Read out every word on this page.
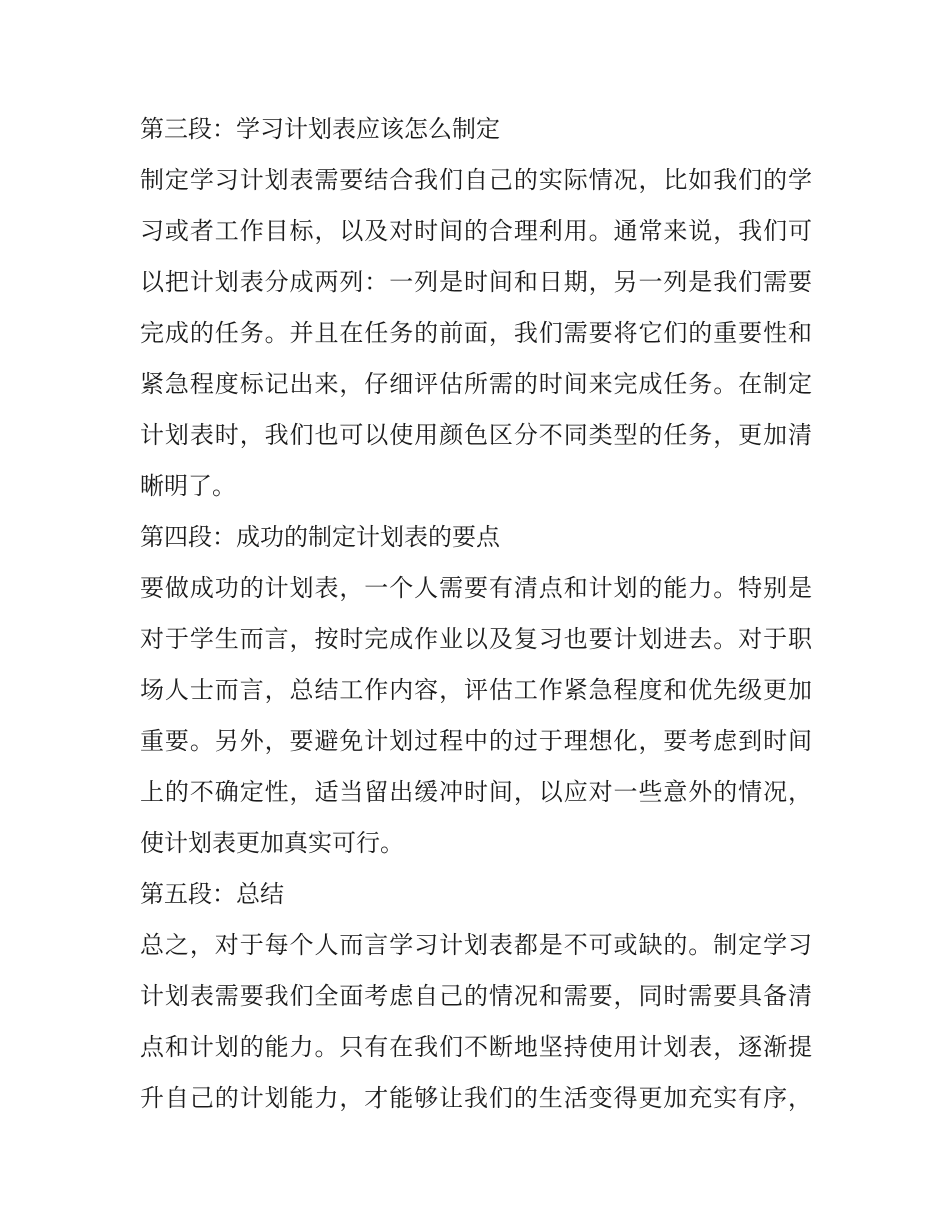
第三段：学习计划表应该怎么制定
制定学习计划表需要结合我们自己的实际情况，比如我们的学
习或者工作目标，以及对时间的合理利用。通常来说，我们可
以把计划表分成两列：一列是时间和日期，另一列是我们需要
完成的任务。并且在任务的前面，我们需要将它们的重要性和
紧急程度标记出来，仔细评估所需的时间来完成任务。在制定
计划表时，我们也可以使用颜色区分不同类型的任务，更加清
晰明了。
第四段：成功的制定计划表的要点
要做成功的计划表，一个人需要有清点和计划的能力。特别是
对于学生而言，按时完成作业以及复习也要计划进去。对于职
场人士而言，总结工作内容，评估工作紧急程度和优先级更加
重要。另外，要避免计划过程中的过于理想化，要考虑到时间
上的不确定性，适当留出缓冲时间，以应对一些意外的情况，
使计划表更加真实可行。
第五段：总结
总之，对于每个人而言学习计划表都是不可或缺的。制定学习
计划表需要我们全面考虑自己的情况和需要，同时需要具备清
点和计划的能力。只有在我们不断地坚持使用计划表，逐渐提
升自己的计划能力，才能够让我们的生活变得更加充实有序，
